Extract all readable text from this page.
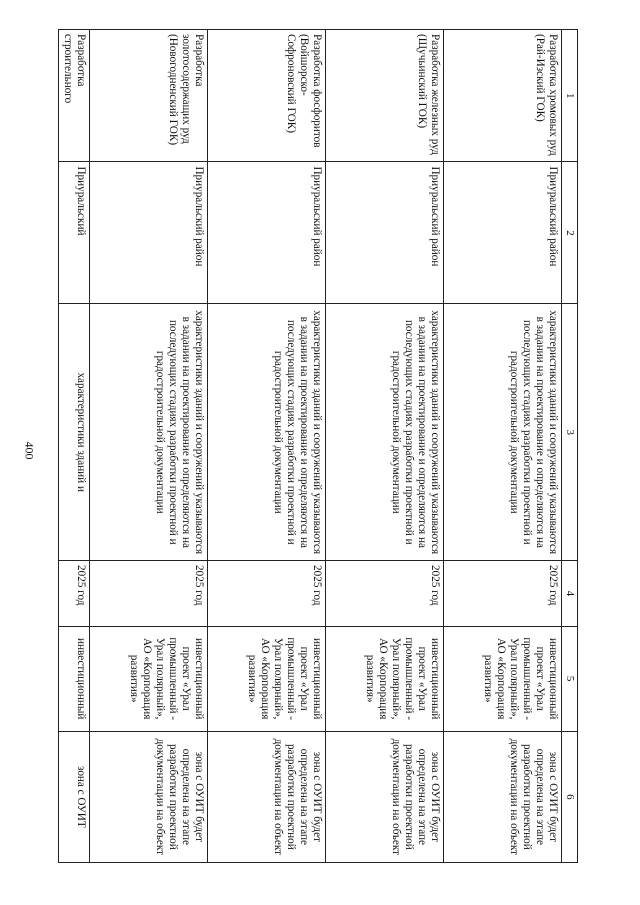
400
1	2	3	4	5	6
Разработка хромовых руд (Рай-Изский ГОК)	Приуральский район	характеристики зданий и сооружений указываются в задании на проектирование и определяются на последующих стадиях разработки проектной и градостроительной документации	2025 год	инвестиционный проект «Урал промышленный - Урал полярный», АО «Корпорация развития»	зона с ОУИТ будет определена на этапе разработки проектной документации на объект
Разработка железных руд (Щучьинский ГОК)	Приуральский район	характеристики зданий и сооружений указываются в задании на проектирование и определяются на последующих стадиях разработки проектной и градостроительной документации	2025 год	инвестиционный проект «Урал промышленный - Урал полярный», АО «Корпорация развития»	зона с ОУИТ будет определена на этапе разработки проектной документации на объект
Разработка фосфоритов (Войшорско-Софроновский ГОК)	Приуральский район	характеристики зданий и сооружений указываются в задании на проектирование и определяются на последующих стадиях разработки проектной и градостроительной документации	2025 год	инвестиционный проект «Урал промышленный - Урал полярный», АО «Корпорация развития»	зона с ОУИТ будет определена на этапе разработки проектной документации на объект
Разработка золотосодержащих руд (Новогодненский ГОК)	Приуральский район	характеристики зданий и сооружений указываются в задании на проектирование и определяются на последующих стадиях разработки проектной и градостроительной документации	2025 год	инвестиционный проект «Урал промышленный - Урал полярный», АО «Корпорация развития»	зона с ОУИТ будет определена на этапе разработки проектной документации на объект
Разработка строительного	Приуральский	характеристики зданий и	2025 год	инвестиционный	зона с ОУИТ
